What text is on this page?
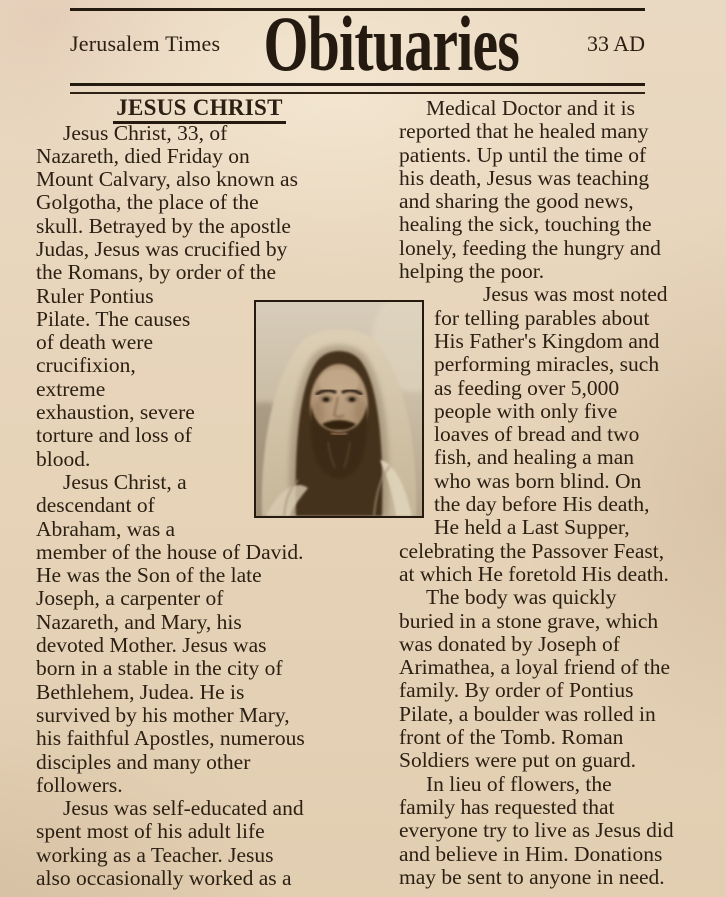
Jerusalem Times Obituaries	33 AD
JESUS CHRIST
Jesus Christ, 33, of
Nazareth, died Friday on
Mount Calvary, also known as
Golgotha, the place of the
skull. Betrayed by the apostle
Judas, Jesus was crucified by
the Romans, by order of the
Ruler Pontius
Pilate. The causes
of death were
crucifixion,
extreme
exhaustion, severe
torture and loss of
blood.
Jesus Christ, a
descendant of
Abraham, was a
member of the house of David.
He was the Son of the late
Joseph, a carpenter of
Nazareth, and Mary, his
devoted Mother. Jesus was
born in a stable in the city of
Bethlehem, Judea. He is
survived by his mother Mary,
his faithful Apostles, numerous
disciples and many other
followers.
Jesus was self-educated and
spent most of his adult life
working as a Teacher. Jesus
also occasionally worked as a
Medical Doctor and it is
reported that he healed many
patients. Up until the time of
his death, Jesus was teaching
and sharing the good news,
healing the sick, touching the
lonely, feeding the hungry and
helping the poor.
Jesus was most noted
for telling parables about
His Father's Kingdom and
performing miracles, such
as feeding over 5,000
people with only five
loaves of bread and two
fish, and healing a man
who was born blind. On
the day before His death,
He held a Last Supper,
celebrating the Passover Feast,
at which He foretold His death.
The body was quickly
buried in a stone grave, which
was donated by Joseph of
Arimathea, a loyal friend of the
family. By order of Pontius
Pilate, a boulder was rolled in
front of the Tomb. Roman
Soldiers were put on guard.
In lieu of flowers, the
family has requested that
everyone try to live as Jesus did
and believe in Him. Donations
may be sent to anyone in need.
